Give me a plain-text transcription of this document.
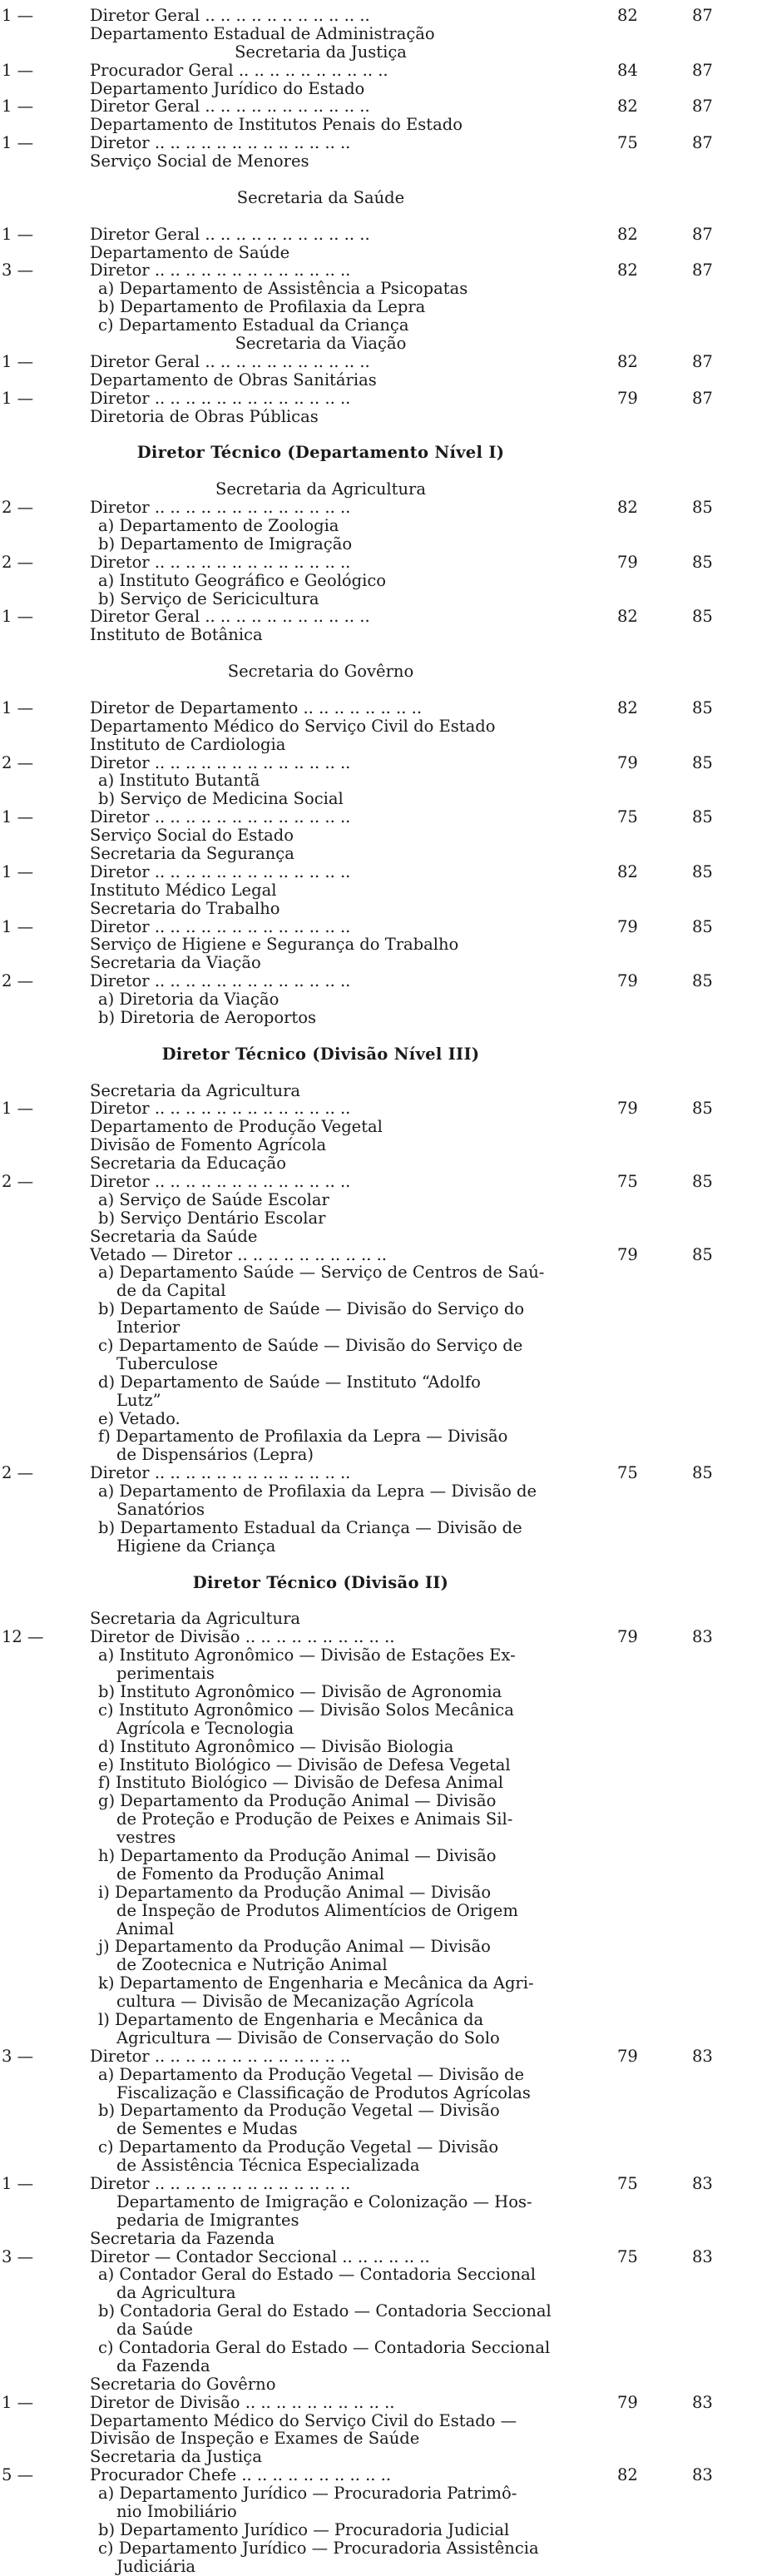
1 —	Diretor Geral .. .. .. .. .. .. .. .. .. .. ..	82	87
Departamento Estadual de Administração
Secretaria da Justiça
1 —	Procurador Geral .. .. .. .. .. .. .. .. .. ..	84	87
Departamento Jurídico do Estado
1 —	Diretor Geral .. .. .. .. .. .. .. .. .. .. ..	82	87
Departamento de Institutos Penais do Estado
1 —	Diretor .. .. .. .. .. .. .. .. .. .. .. .. ..	75	87
Serviço Social de Menores
Secretaria da Saúde
1 —	Diretor Geral .. .. .. .. .. .. .. .. .. .. ..	82	87
Departamento de Saúde
3 —	Diretor .. .. .. .. .. .. .. .. .. .. .. .. ..	82	87
a) Departamento de Assistência a Psicopatas
b) Departamento de Profilaxia da Lepra
c) Departamento Estadual da Criança
Secretaria da Viação
1 —	Diretor Geral .. .. .. .. .. .. .. .. .. .. ..	82	87
Departamento de Obras Sanitárias
1 —	Diretor .. .. .. .. .. .. .. .. .. .. .. .. ..	79	87
Diretoria de Obras Públicas
Diretor Técnico (Departamento Nível I)
Secretaria da Agricultura
2 —	Diretor .. .. .. .. .. .. .. .. .. .. .. .. ..	82	85
a) Departamento de Zoologia
b) Departamento de Imigração
2 —	Diretor .. .. .. .. .. .. .. .. .. .. .. .. ..	79	85
a) Instituto Geográfico e Geológico
b) Serviço de Sericicultura
1 —	Diretor Geral .. .. .. .. .. .. .. .. .. .. ..	82	85
Instituto de Botânica
Secretaria do Govêrno
1 —	Diretor de Departamento .. .. .. .. .. .. .. ..	82	85
Departamento Médico do Serviço Civil do Estado
Instituto de Cardiologia
2 —	Diretor .. .. .. .. .. .. .. .. .. .. .. .. ..	79	85
a) Instituto Butantã
b) Serviço de Medicina Social
1 —	Diretor .. .. .. .. .. .. .. .. .. .. .. .. ..	75	85
Serviço Social do Estado
Secretaria da Segurança
1 —	Diretor .. .. .. .. .. .. .. .. .. .. .. .. ..	82	85
Instituto Médico Legal
Secretaria do Trabalho
1 —	Diretor .. .. .. .. .. .. .. .. .. .. .. .. ..	79	85
Serviço de Higiene e Segurança do Trabalho
Secretaria da Viação
2 —	Diretor .. .. .. .. .. .. .. .. .. .. .. .. ..	79	85
a) Diretoria da Viação
b) Diretoria de Aeroportos
Diretor Técnico (Divisão Nível III)
Secretaria da Agricultura
1 —	Diretor .. .. .. .. .. .. .. .. .. .. .. .. ..	79	85
Departamento de Produção Vegetal
Divisão de Fomento Agrícola
Secretaria da Educação
2 —	Diretor .. .. .. .. .. .. .. .. .. .. .. .. ..	75	85
a) Serviço de Saúde Escolar
b) Serviço Dentário Escolar
Secretaria da Saúde
Vetado — Diretor .. .. .. .. .. .. .. .. .. ..	79	85
a) Departamento Saúde — Serviço de Centros de Saú-
de da Capital
b) Departamento de Saúde — Divisão do Serviço do
Interior
c) Departamento de Saúde — Divisão do Serviço de
Tuberculose
d) Departamento de Saúde — Instituto “Adolfo
Lutz”
e) Vetado.
f) Departamento de Profilaxia da Lepra — Divisão
de Dispensários (Lepra)
2 —	Diretor .. .. .. .. .. .. .. .. .. .. .. .. ..	75	85
a) Departamento de Profilaxia da Lepra — Divisão de
Sanatórios
b) Departamento Estadual da Criança — Divisão de
Higiene da Criança
Diretor Técnico (Divisão II)
Secretaria da Agricultura
12 —	Diretor de Divisão .. .. .. .. .. .. .. .. .. ..	79	83
a) Instituto Agronômico — Divisão de Estações Ex-
perimentais
b) Instituto Agronômico — Divisão de Agronomia
c) Instituto Agronômico — Divisão Solos Mecânica
Agrícola e Tecnologia
d) Instituto Agronômico — Divisão Biologia
e) Instituto Biológico — Divisão de Defesa Vegetal
f) Instituto Biológico — Divisão de Defesa Animal
g) Departamento da Produção Animal — Divisão
de Proteção e Produção de Peixes e Animais Sil-
vestres
h) Departamento da Produção Animal — Divisão
de Fomento da Produção Animal
i) Departamento da Produção Animal — Divisão
de Inspeção de Produtos Alimentícios de Origem
Animal
j) Departamento da Produção Animal — Divisão
de Zootecnica e Nutrição Animal
k) Departamento de Engenharia e Mecânica da Agri-
cultura — Divisão de Mecanização Agrícola
l) Departamento de Engenharia e Mecânica da
Agricultura — Divisão de Conservação do Solo
3 —	Diretor .. .. .. .. .. .. .. .. .. .. .. .. ..	79	83
a) Departamento da Produção Vegetal — Divisão de
Fiscalização e Classificação de Produtos Agrícolas
b) Departamento da Produção Vegetal — Divisão
de Sementes e Mudas
c) Departamento da Produção Vegetal — Divisão
de Assistência Técnica Especializada
1 —	Diretor .. .. .. .. .. .. .. .. .. .. .. .. ..	75	83
Departamento de Imigração e Colonização — Hos-
pedaria de Imigrantes
Secretaria da Fazenda
3 —	Diretor — Contador Seccional .. .. .. .. .. ..	75	83
a) Contador Geral do Estado — Contadoria Seccional
da Agricultura
b) Contadoria Geral do Estado — Contadoria Seccional
da Saúde
c) Contadoria Geral do Estado — Contadoria Seccional
da Fazenda
Secretaria do Govêrno
1 —	Diretor de Divisão .. .. .. .. .. .. .. .. .. ..	79	83
Departamento Médico do Serviço Civil do Estado —
Divisão de Inspeção e Exames de Saúde
Secretaria da Justiça
5 —	Procurador Chefe .. .. .. .. .. .. .. .. .. ..	82	83
a) Departamento Jurídico — Procuradoria Patrimô-
nio Imobiliário
b) Departamento Jurídico — Procuradoria Judicial
c) Departamento Jurídico — Procuradoria Assistência
Judiciária
